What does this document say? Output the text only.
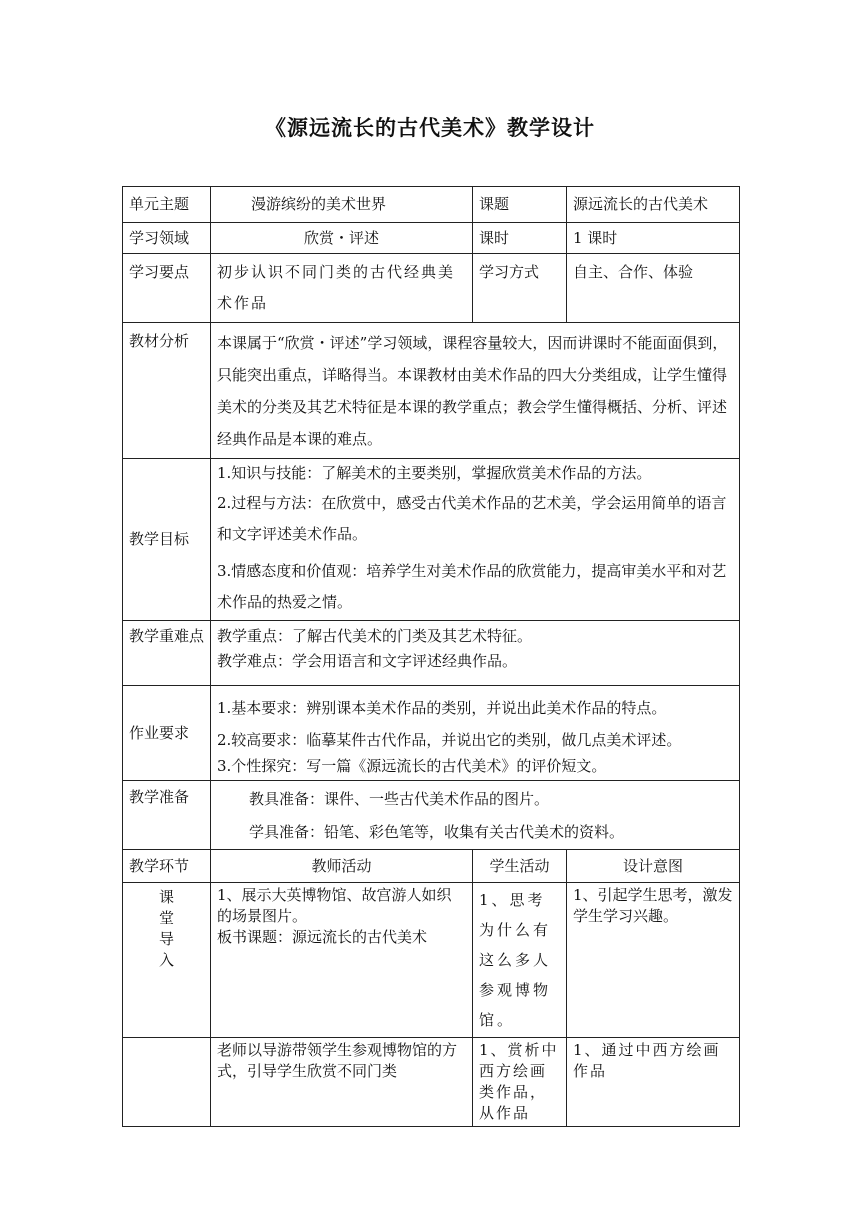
《源远流长的古代美术》教学设计
单元主题	漫游缤纷的美术世界	课题	源远流长的古代美术
学习领域	欣赏・评述	课时	1 课时
学习要点	初步认识不同门类的古代经典美术作品	学习方式	自主、合作、体验
教材分析	本课属于“欣赏・评述”学习领域，课程容量较大，因而讲课时不能面面俱到，只能突出重点，详略得当。本课教材由美术作品的四大分类组成，让学生懂得美术的分类及其艺术特征是本课的教学重点；教会学生懂得概括、分析、评述经典作品是本课的难点。		
教学目标	1.知识与技能：了解美术的主要类别，掌握欣赏美术作品的方法。
2.过程与方法：在欣赏中，感受古代美术作品的艺术美，学会运用简单的语言和文字评述美术作品。
3.情感态度和价值观：培养学生对美术作品的欣赏能力，提高审美水平和对艺术作品的热爱之情。		

教学重难点	教学重点：了解古代美术的门类及其艺术特征。
教学难点：学会用语言和文字评述经典作品。		

作业要求	1.基本要求：辨别课本美术作品的类别，并说出此美术作品的特点。
2.较高要求：临摹某件古代作品，并说出它的类别，做几点美术评述。
3.个性探究：写一篇《源远流长的古代美术》的评价短文。		

教学准备	教具准备：课件、一些古代美术作品的图片。
学具准备：铅笔、彩色笔等，收集有关古代美术的资料。		

教学环节	教师活动	学生活动	设计意图

课
堂
导
入	1、展示大英博物馆、故宫游人如织的场景图片。
板书课题：源远流长的古代美术	1、思考为什么有这么多人参观博物馆。	1、引起学生思考，激发学生学习兴趣。
	老师以导游带领学生参观博物馆的方式，引导学生欣赏不同门类	1、赏析中西方绘画类作品，从作品	1、通过中西方绘画作品
